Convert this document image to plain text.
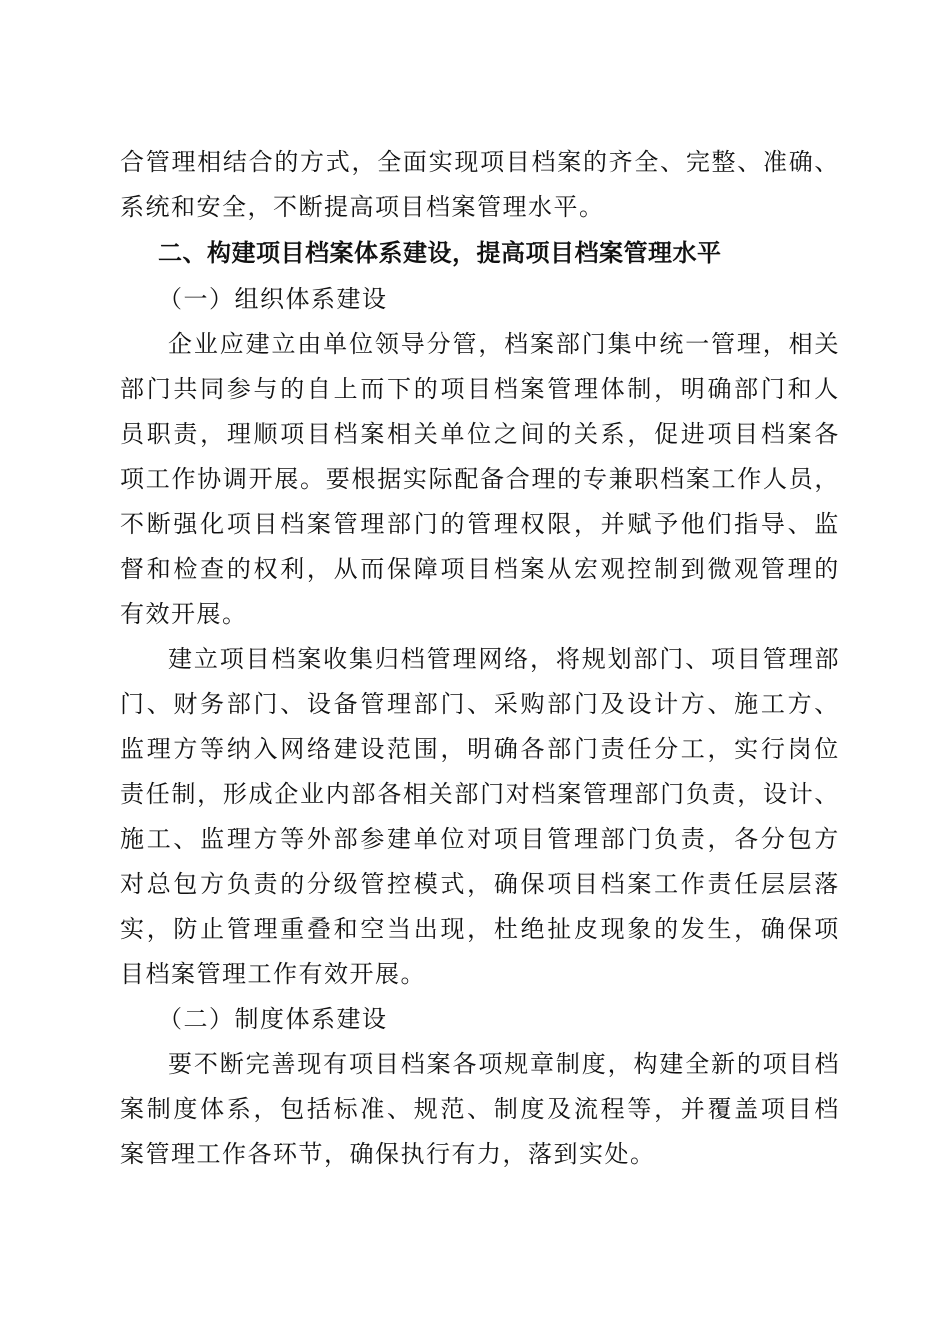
合 管 理 相 结 合 的 方 式 ， 全 面 实 现 项 目 档 案 的 齐 全 、 完 整 、 准 确 、
系统和安全，不断提高项目档案管理水平。
二、构建项目档案体系建设，提高项目档案管理水平
（一）组织体系建设
企 业 应 建 立 由 单 位 领 导 分 管 ， 档 案 部 门 集 中 统 一 管 理 ， 相 关
部 门 共 同 参 与 的 自 上 而 下 的 项 目 档 案 管 理 体 制 ， 明 确 部 门 和 人
员 职 责 ， 理 顺 项 目 档 案 相 关 单 位 之 间 的 关 系 ， 促 进 项 目 档 案 各
项 工 作 协 调 开 展 。 要 根 据 实 际 配 备 合 理 的 专 兼 职 档 案 工 作 人 员 ，
不 断 强 化 项 目 档 案 管 理 部 门 的 管 理 权 限 ， 并 赋 予 他 们 指 导 、 监
督 和 检 查 的 权 利 ， 从 而 保 障 项 目 档 案 从 宏 观 控 制 到 微 观 管 理 的
有效开展。
建 立 项 目 档 案 收 集 归 档 管 理 网 络 ， 将 规 划 部 门 、 项 目 管 理 部
门 、 财 务 部 门 、 设 备 管 理 部 门 、 采 购 部 门 及 设 计 方 、 施 工 方 、
监 理 方 等 纳 入 网 络 建 设 范 围 ， 明 确 各 部 门 责 任 分 工 ， 实 行 岗 位
责 任 制 ， 形 成 企 业 内 部 各 相 关 部 门 对 档 案 管 理 部 门 负 责 ， 设 计 、
施 工 、 监 理 方 等 外 部 参 建 单 位 对 项 目 管 理 部 门 负 责 ， 各 分 包 方
对 总 包 方 负 责 的 分 级 管 控 模 式 ， 确 保 项 目 档 案 工 作 责 任 层 层 落
实 ， 防 止 管 理 重 叠 和 空 当 出 现 ， 杜 绝 扯 皮 现 象 的 发 生 ， 确 保 项
目档案管理工作有效开展。
（二）制度体系建设
要 不 断 完 善 现 有 项 目 档 案 各 项 规 章 制 度 ， 构 建 全 新 的 项 目 档
案 制 度 体 系 ， 包 括 标 准 、 规 范 、 制 度 及 流 程 等 ， 并 覆 盖 项 目 档
案管理工作各环节，确保执行有力，落到实处。
